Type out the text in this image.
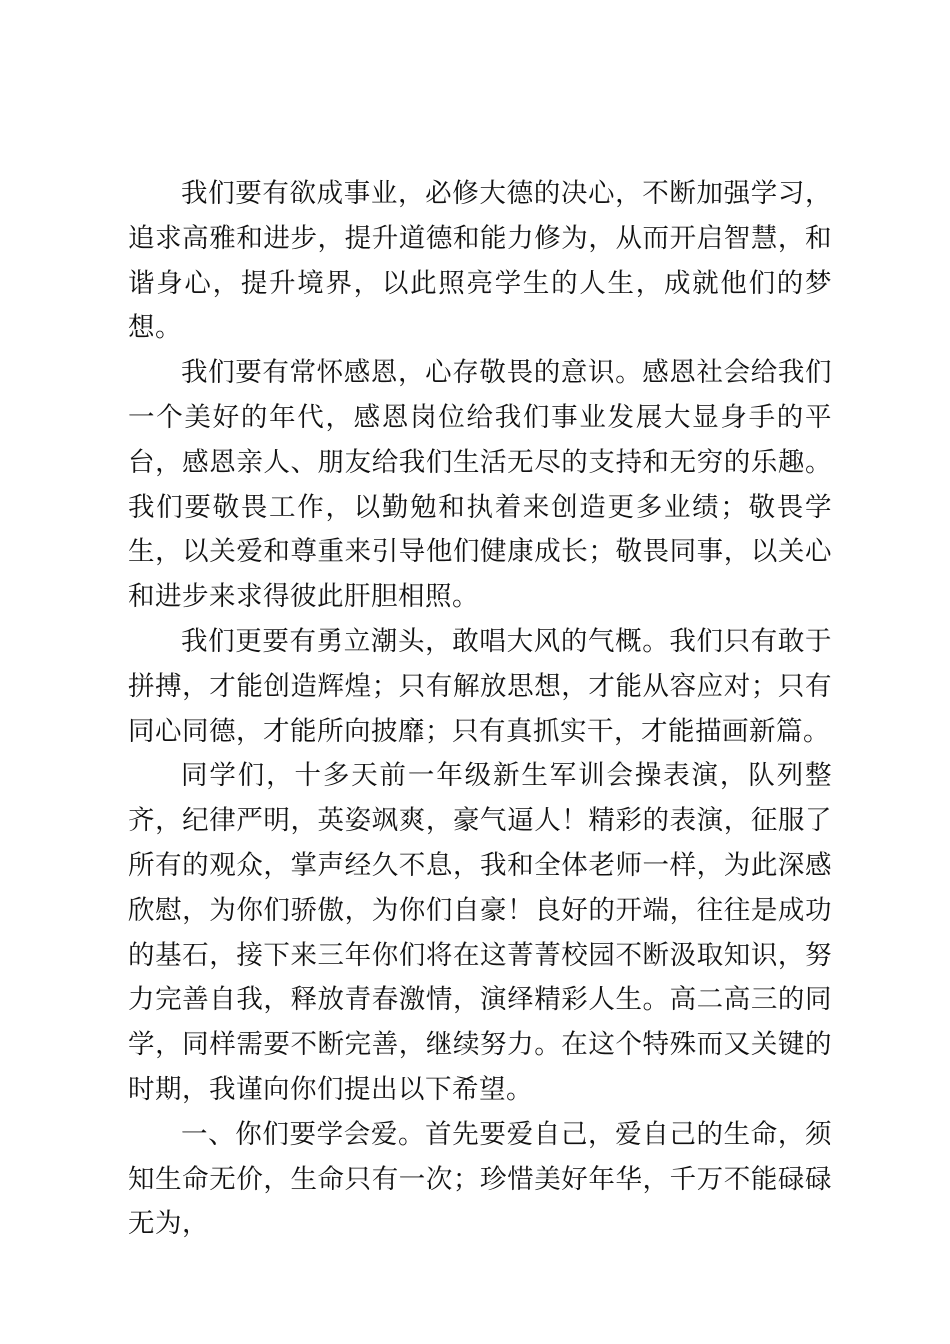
我们要有欲成事业，必修大德的决心，不断加强学习，追求高雅和进步，提升道德和能力修为，从而开启智慧，和谐身心，提升境界，以此照亮学生的人生，成就他们的梦想。

我们要有常怀感恩，心存敬畏的意识。感恩社会给我们一个美好的年代，感恩岗位给我们事业发展大显身手的平台，感恩亲人、朋友给我们生活无尽的支持和无穷的乐趣。我们要敬畏工作，以勤勉和执着来创造更多业绩；敬畏学生，以关爱和尊重来引导他们健康成长；敬畏同事，以关心和进步来求得彼此肝胆相照。

我们更要有勇立潮头，敢唱大风的气概。我们只有敢于拼搏，才能创造辉煌；只有解放思想，才能从容应对；只有同心同德，才能所向披靡；只有真抓实干，才能描画新篇。

同学们，十多天前一年级新生军训会操表演，队列整齐，纪律严明，英姿飒爽，豪气逼人！精彩的表演，征服了所有的观众，掌声经久不息，我和全体老师一样，为此深感欣慰，为你们骄傲，为你们自豪！良好的开端，往往是成功的基石，接下来三年你们将在这菁菁校园不断汲取知识，努力完善自我，释放青春激情，演绎精彩人生。高二高三的同学，同样需要不断完善，继续努力。在这个特殊而又关键的时期，我谨向你们提出以下希望。

一、你们要学会爱。首先要爱自己，爱自己的生命，须知生命无价，生命只有一次；珍惜美好年华，千万不能碌碌无为，
